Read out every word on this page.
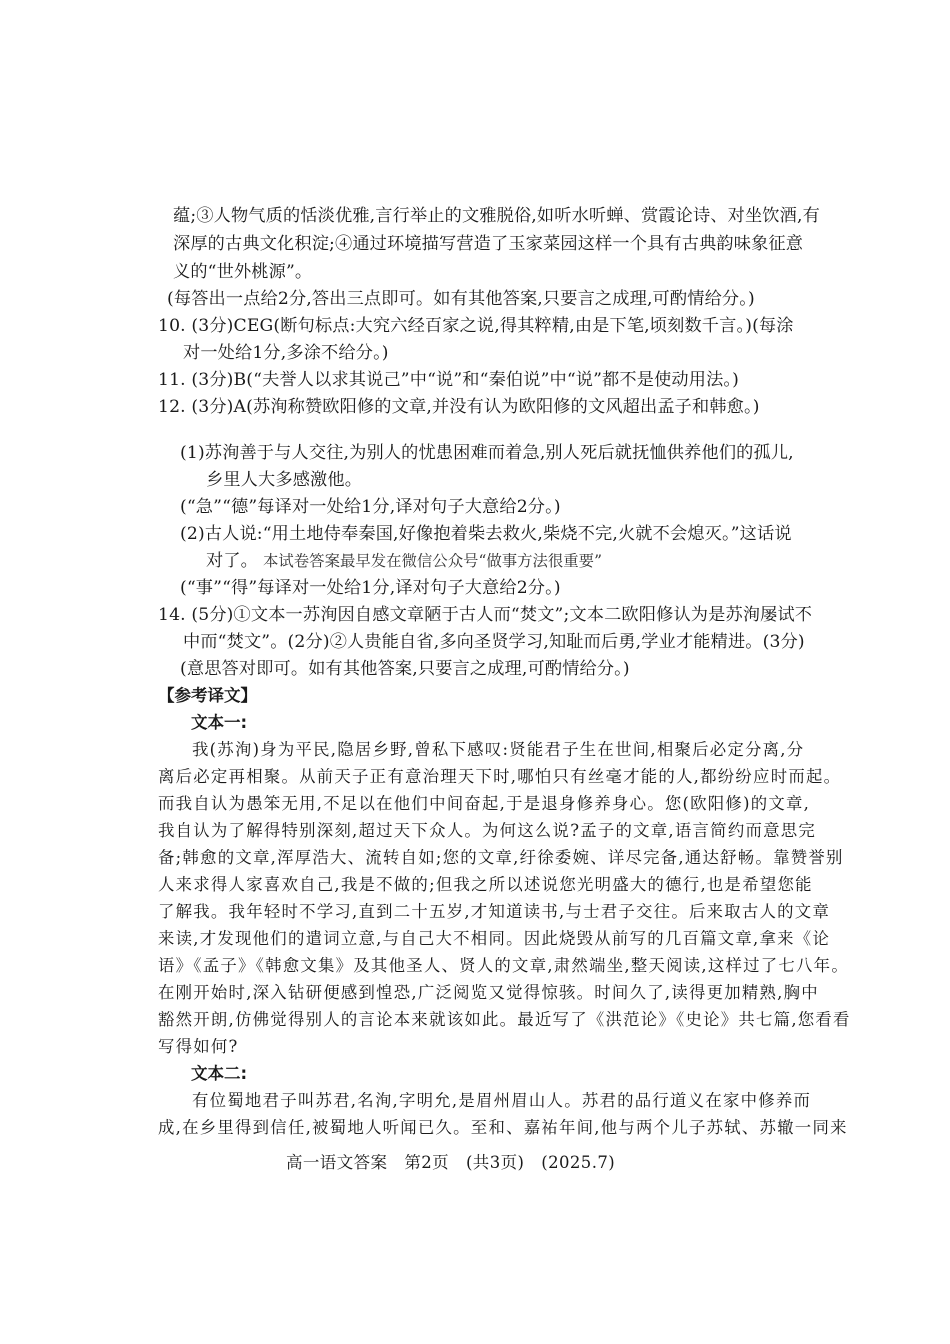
蕴;③人物气质的恬淡优雅,言行举止的文雅脱俗,如听水听蝉、赏霞论诗、对坐饮酒,有
深厚的古典文化积淀;④通过环境描写营造了玉家菜园这样一个具有古典韵味象征意
义的“世外桃源”。
(每答出一点给2分,答出三点即可。如有其他答案,只要言之成理,可酌情给分。)
10. (3分)CEG(断句标点:大究六经百家之说,得其粹精,由是下笔,顷刻数千言。)(每涂
对一处给1分,多涂不给分。)
11. (3分)B(“夫誉人以求其说己”中“说”和“秦伯说”中“说”都不是使动用法。)
12. (3分)A(苏洵称赞欧阳修的文章,并没有认为欧阳修的文风超出孟子和韩愈。)
(1)苏洵善于与人交往,为别人的忧患困难而着急,别人死后就抚恤供养他们的孤儿,
乡里人大多感激他。
(“急”“德”每译对一处给1分,译对句子大意给2分。)
(2)古人说:“用土地侍奉秦国,好像抱着柴去救火,柴烧不完,火就不会熄灭。”这话说
对了。 本试卷答案最早发在微信公众号“做事方法很重要”
(“事”“得”每译对一处给1分,译对句子大意给2分。)
14. (5分)①文本一苏洵因自感文章陋于古人而“焚文”;文本二欧阳修认为是苏洵屡试不
中而“焚文”。(2分)②人贵能自省,多向圣贤学习,知耻而后勇,学业才能精进。(3分)
(意思答对即可。如有其他答案,只要言之成理,可酌情给分。)
【参考译文】
文本一:
我(苏洵)身为平民,隐居乡野,曾私下感叹:贤能君子生在世间,相聚后必定分离,分
离后必定再相聚。从前天子正有意治理天下时,哪怕只有丝毫才能的人,都纷纷应时而起。
而我自认为愚笨无用,不足以在他们中间奋起,于是退身修养身心。您(欧阳修)的文章,
我自认为了解得特别深刻,超过天下众人。为何这么说?孟子的文章,语言简约而意思完
备;韩愈的文章,浑厚浩大、流转自如;您的文章,纡徐委婉、详尽完备,通达舒畅。靠赞誉别
人来求得人家喜欢自己,我是不做的;但我之所以述说您光明盛大的德行,也是希望您能
了解我。我年轻时不学习,直到二十五岁,才知道读书,与士君子交往。后来取古人的文章
来读,才发现他们的遣词立意,与自己大不相同。因此烧毁从前写的几百篇文章,拿来《论
语》《孟子》《韩愈文集》及其他圣人、贤人的文章,肃然端坐,整天阅读,这样过了七八年。
在刚开始时,深入钻研便感到惶恐,广泛阅览又觉得惊骇。时间久了,读得更加精熟,胸中
豁然开朗,仿佛觉得别人的言论本来就该如此。最近写了《洪范论》《史论》共七篇,您看看
写得如何?
文本二:
有位蜀地君子叫苏君,名洵,字明允,是眉州眉山人。苏君的品行道义在家中修养而
成,在乡里得到信任,被蜀地人听闻已久。至和、嘉祐年间,他与两个儿子苏轼、苏辙一同来
高一语文答案   第2页   (共3页)   (2025.7)
